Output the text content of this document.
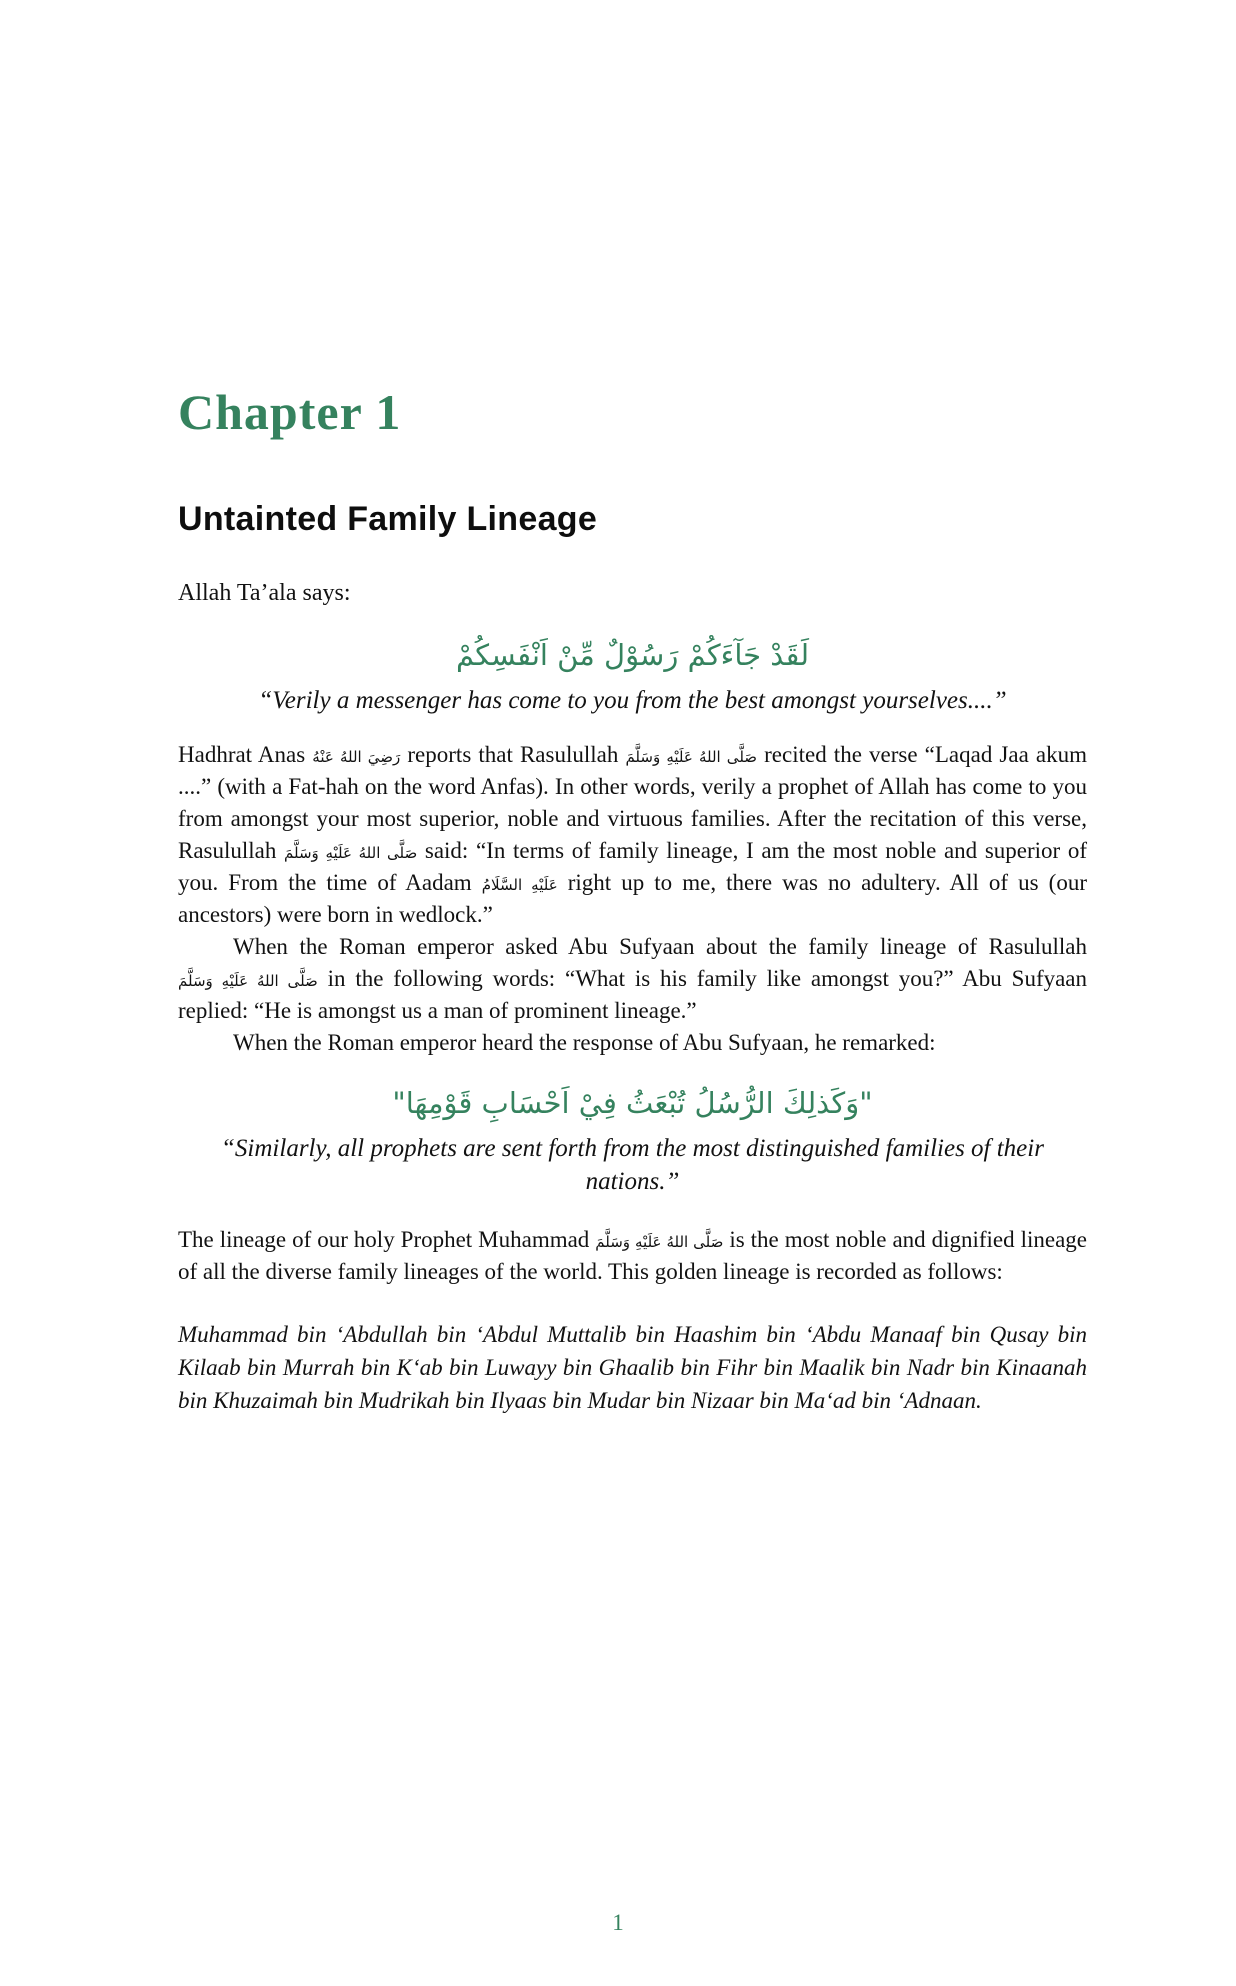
Chapter 1
Untainted Family Lineage

Allah Ta’ala says:

لَقَدْ جَآءَكُمْ رَسُوْلٌ مِّنْ اَنْفَسِكُمْ
“Verily a messenger has come to you from the best amongst yourselves....”

Hadhrat Anas رَضِيَ اللهُ عَنْهُ reports that Rasulullah صَلَّى اللهُ عَلَيْهِ وَسَلَّمَ recited the verse “Laqad Jaa akum ....” (with a Fat-hah on the word Anfas). In other words, verily a prophet of Allah has come to you from amongst your most superior, noble and virtuous families. After the recitation of this verse, Rasulullah صَلَّى اللهُ عَلَيْهِ وَسَلَّمَ said: “In terms of family lineage, I am the most noble and superior of you. From the time of Aadam عَلَيْهِ السَّلَامُ right up to me, there was no adultery. All of us (our ancestors) were born in wedlock.”

When the Roman emperor asked Abu Sufyaan about the family lineage of Rasulullah صَلَّى اللهُ عَلَيْهِ وَسَلَّمَ in the following words: “What is his family like amongst you?” Abu Sufyaan replied: “He is amongst us a man of prominent lineage.”

When the Roman emperor heard the response of Abu Sufyaan, he remarked:

"وَكَذلِكَ الرُّسُلُ تُبْعَثُ فِيْ اَحْسَابِ قَوْمِهَا"
“Similarly, all prophets are sent forth from the most distinguished families of their nations.”

The lineage of our holy Prophet Muhammad صَلَّى اللهُ عَلَيْهِ وَسَلَّمَ is the most noble and dignified lineage of all the diverse family lineages of the world. This golden lineage is recorded as follows:

Muhammad bin ‘Abdullah bin ‘Abdul Muttalib bin Haashim bin ‘Abdu Manaaf bin Qusay bin Kilaab bin Murrah bin K‘ab bin Luwayy bin Ghaalib bin Fihr bin Maalik bin Nadr bin Kinaanah bin Khuzaimah bin Mudrikah bin Ilyaas bin Mudar bin Nizaar bin Ma‘ad bin ‘Adnaan.

1
